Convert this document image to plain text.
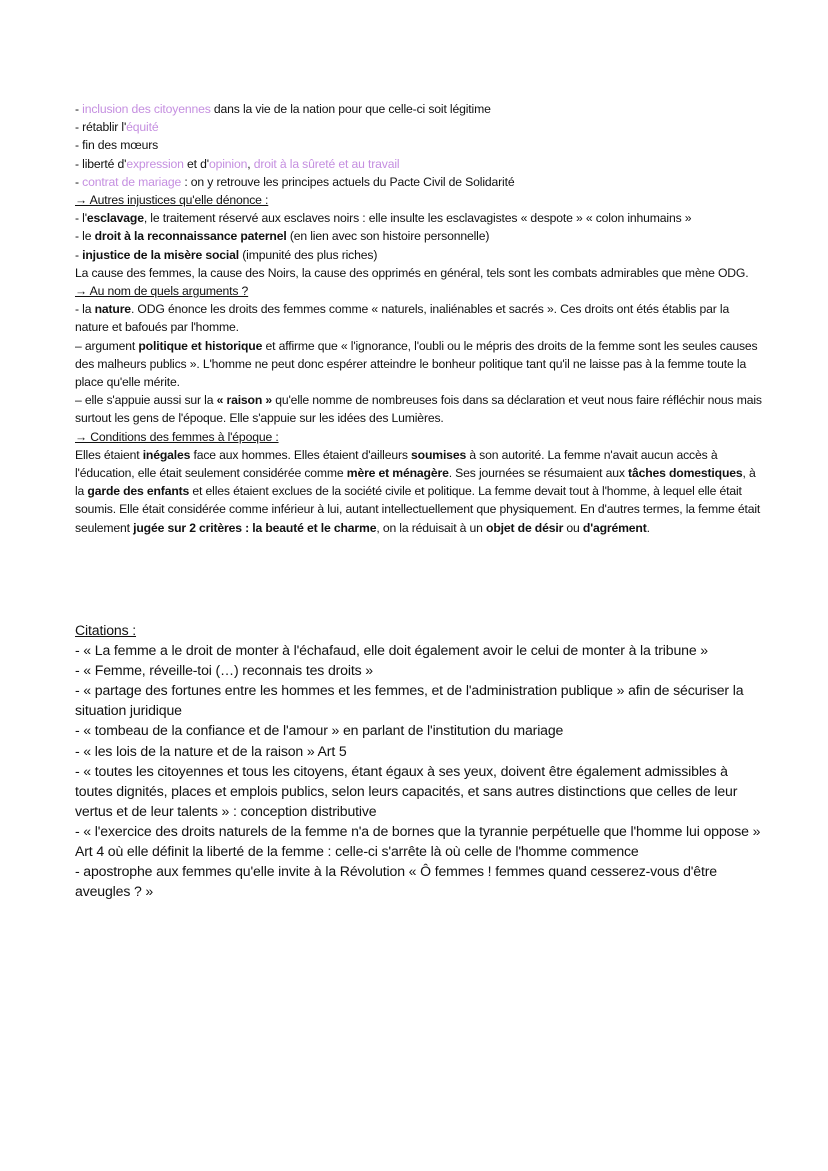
- inclusion des citoyennes dans la vie de la nation pour que celle-ci soit légitime
- rétablir l'équité
- fin des mœurs
- liberté d'expression et d'opinion, droit à la sûreté et au travail
- contrat de mariage : on y retrouve les principes actuels du Pacte Civil de Solidarité
→ Autres injustices qu'elle dénonce :
- l'esclavage, le traitement réservé aux esclaves noirs : elle insulte les esclavagistes « despote » « colon inhumains »
- le droit à la reconnaissance paternel (en lien avec son histoire personnelle)
- injustice de la misère social (impunité des plus riches)
La cause des femmes, la cause des Noirs, la cause des opprimés en général, tels sont les combats admirables que mène ODG.
→ Au nom de quels arguments ?
- la nature. ODG énonce les droits des femmes comme « naturels, inaliénables et sacrés ». Ces droits ont étés établis par la nature et bafoués par l'homme.
– argument politique et historique et affirme que « l'ignorance, l'oubli ou le mépris des droits de la femme sont les seules causes des malheurs publics ». L'homme ne peut donc espérer atteindre le bonheur politique tant qu'il ne laisse pas à la femme toute la place qu'elle mérite.
– elle s'appuie aussi sur la « raison » qu'elle nomme de nombreuses fois dans sa déclaration et veut nous faire réfléchir nous mais surtout les gens de l'époque. Elle s'appuie sur les idées des Lumières.
→ Conditions des femmes à l'époque :
Elles étaient inégales face aux hommes. Elles étaient d'ailleurs soumises à son autorité. La femme n'avait aucun accès à l'éducation, elle était seulement considérée comme mère et ménagère. Ses journées se résumaient aux tâches domestiques, à la garde des enfants et elles étaient exclues de la société civile et politique. La femme devait tout à l'homme, à lequel elle était soumis. Elle était considérée comme inférieur à lui, autant intellectuellement que physiquement. En d'autres termes, la femme était seulement jugée sur 2 critères : la beauté et le charme, on la réduisait à un objet de désir ou d'agrément.
Citations :
- « La femme a le droit de monter à l'échafaud, elle doit également avoir le celui de monter à la tribune »
- « Femme, réveille-toi (…) reconnais tes droits »
- « partage des fortunes entre les hommes et les femmes, et de l'administration publique » afin de sécuriser la situation juridique
- « tombeau de la confiance et de l'amour » en parlant de l'institution du mariage
- « les lois de la nature et de la raison » Art 5
- « toutes les citoyennes et tous les citoyens, étant égaux à ses yeux, doivent être également admissibles à toutes dignités, places et emplois publics, selon leurs capacités, et sans autres distinctions que celles de leur vertus et de leur talents » : conception distributive
- « l'exercice des droits naturels de la femme n'a de bornes que la tyrannie perpétuelle que l'homme lui oppose » Art 4 où elle définit la liberté de la femme : celle-ci s'arrête là où celle de l'homme commence
- apostrophe aux femmes qu'elle invite à la Révolution « Ô femmes ! femmes quand cesserez-vous d'être aveugles ? »
